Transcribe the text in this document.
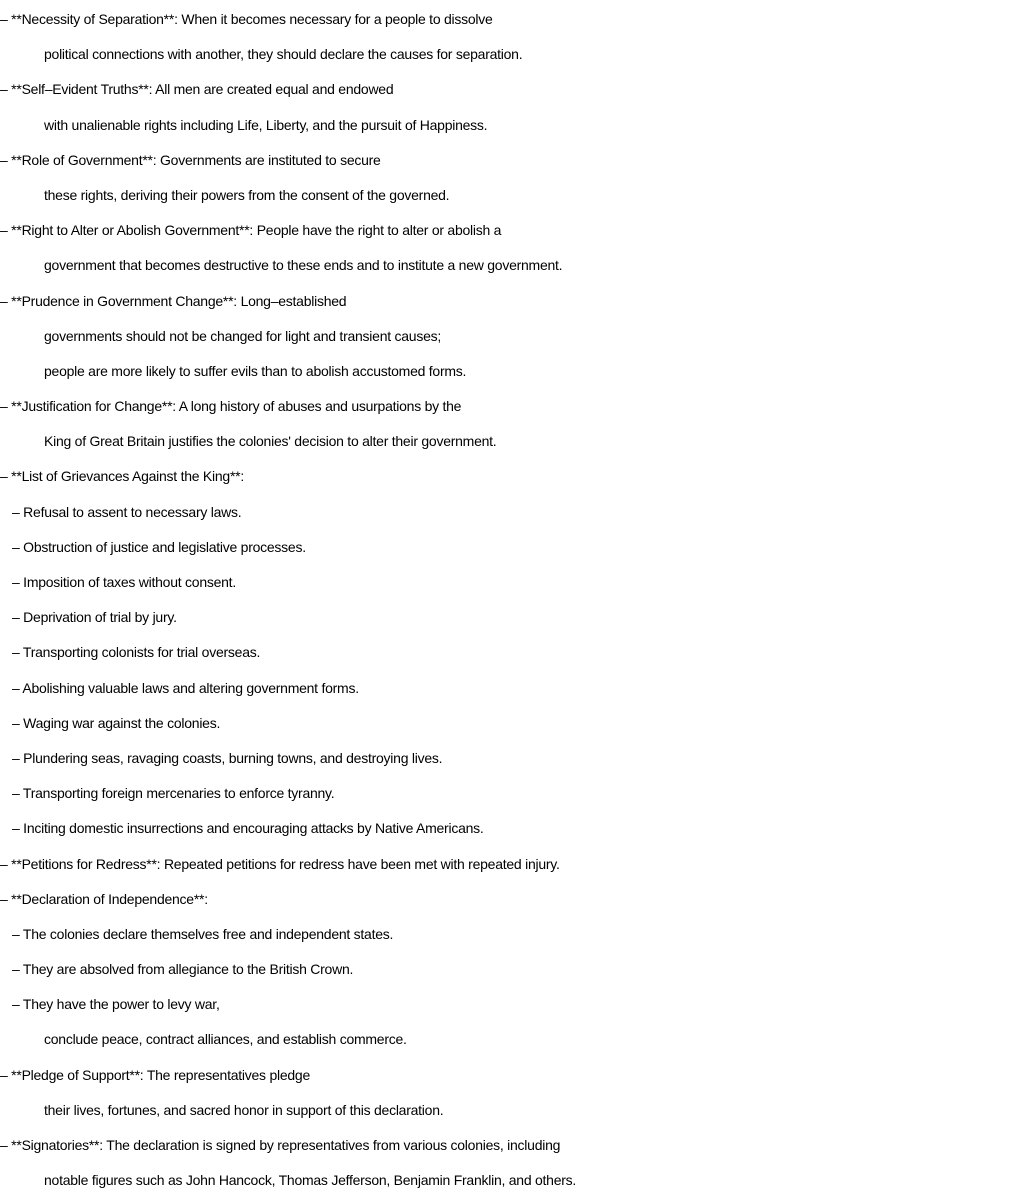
– **Necessity of Separation**: When it becomes necessary for a people to dissolve
political connections with another, they should declare the causes for separation.
– **Self–Evident Truths**: All men are created equal and endowed
with unalienable rights including Life, Liberty, and the pursuit of Happiness.
– **Role of Government**: Governments are instituted to secure
these rights, deriving their powers from the consent of the governed.
– **Right to Alter or Abolish Government**: People have the right to alter or abolish a
government that becomes destructive to these ends and to institute a new government.
– **Prudence in Government Change**: Long–established
governments should not be changed for light and transient causes;
people are more likely to suffer evils than to abolish accustomed forms.
– **Justification for Change**: A long history of abuses and usurpations by the
King of Great Britain justifies the colonies' decision to alter their government.
– **List of Grievances Against the King**:
– Refusal to assent to necessary laws.
– Obstruction of justice and legislative processes.
– Imposition of taxes without consent.
– Deprivation of trial by jury.
– Transporting colonists for trial overseas.
– Abolishing valuable laws and altering government forms.
– Waging war against the colonies.
– Plundering seas, ravaging coasts, burning towns, and destroying lives.
– Transporting foreign mercenaries to enforce tyranny.
– Inciting domestic insurrections and encouraging attacks by Native Americans.
– **Petitions for Redress**: Repeated petitions for redress have been met with repeated injury.
– **Declaration of Independence**:
– The colonies declare themselves free and independent states.
– They are absolved from allegiance to the British Crown.
– They have the power to levy war,
conclude peace, contract alliances, and establish commerce.
– **Pledge of Support**: The representatives pledge
their lives, fortunes, and sacred honor in support of this declaration.
– **Signatories**: The declaration is signed by representatives from various colonies, including
notable figures such as John Hancock, Thomas Jefferson, Benjamin Franklin, and others.
